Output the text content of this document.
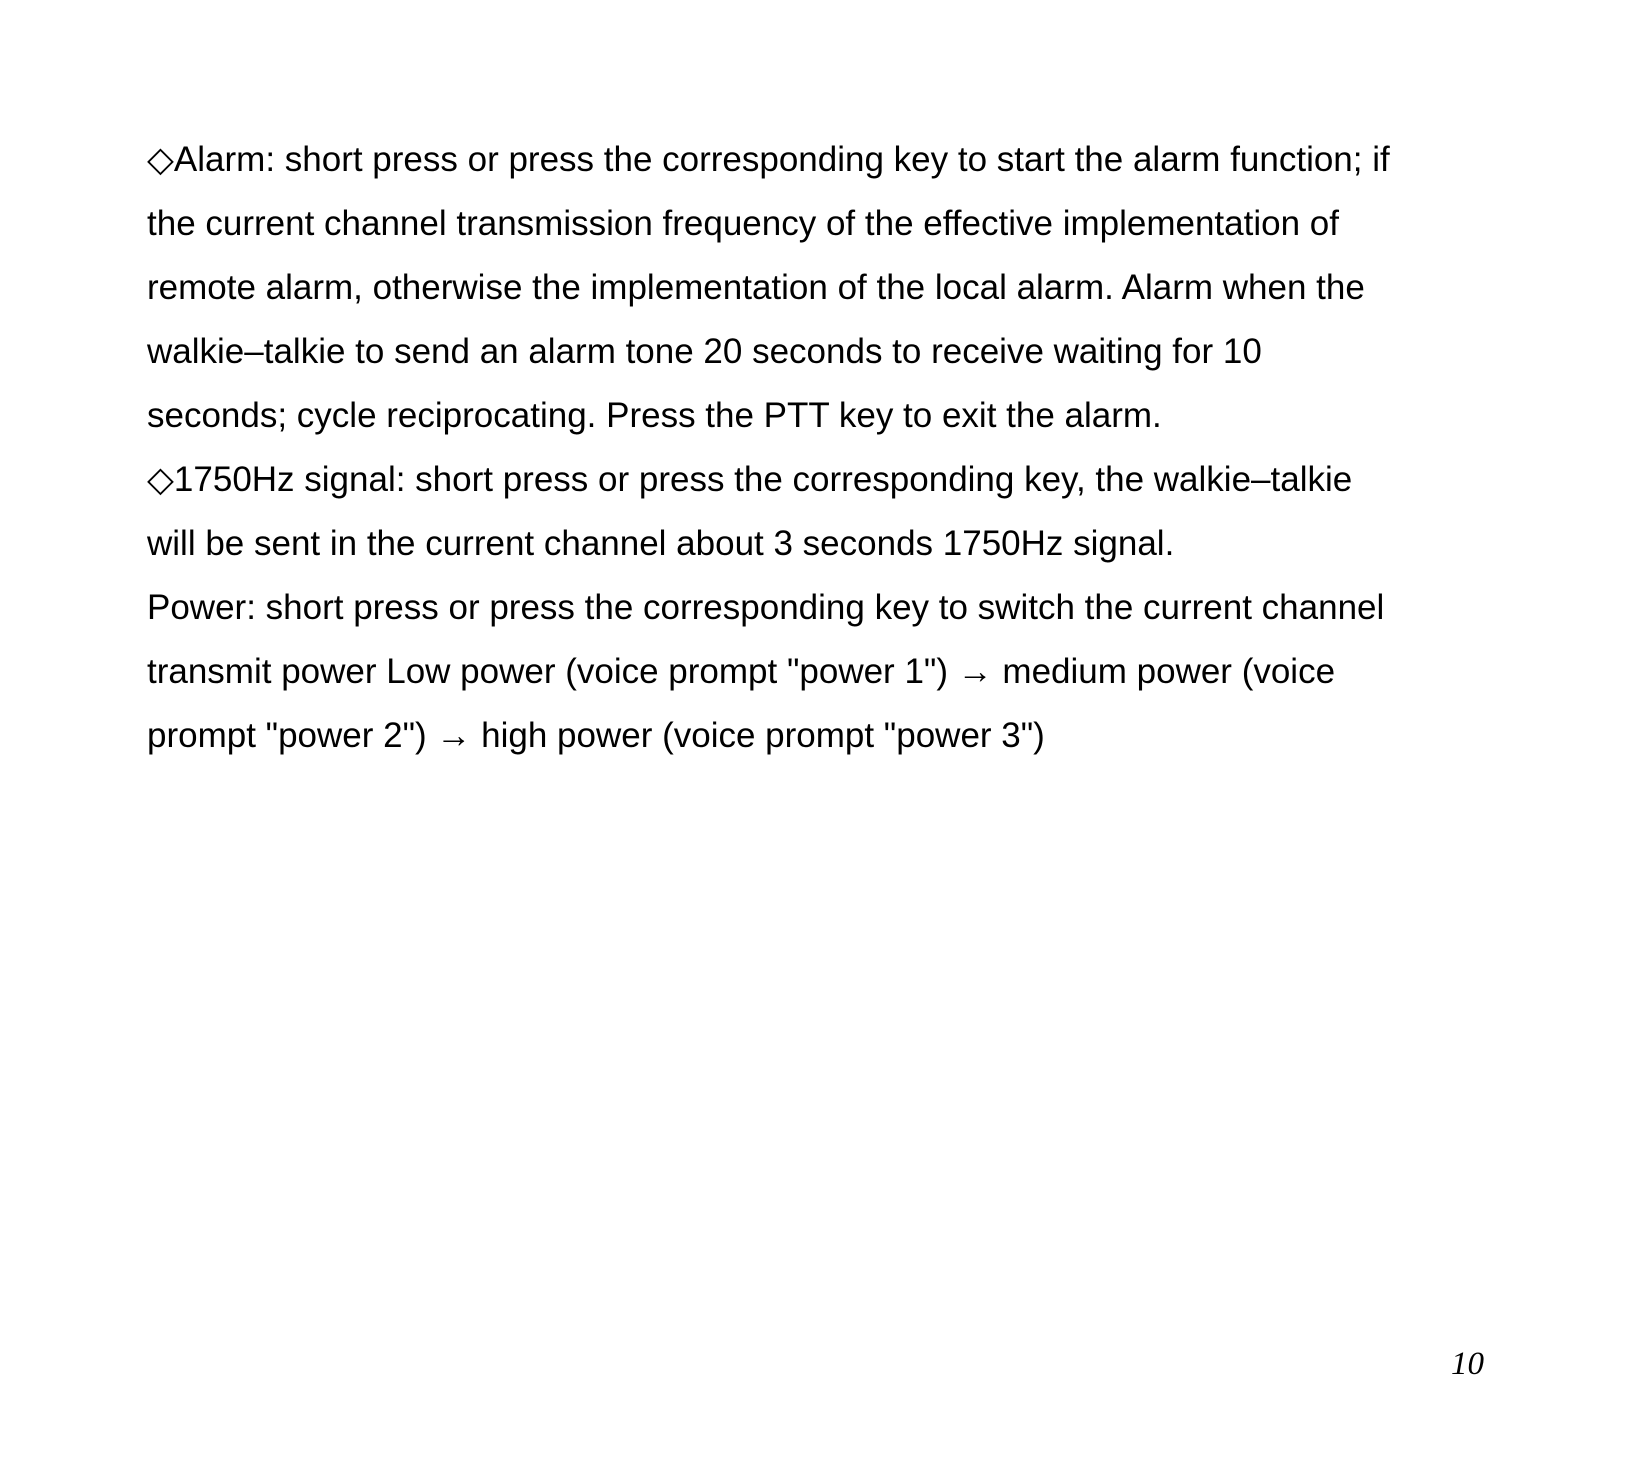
◇Alarm: short press or press the corresponding key to start the alarm function; if
the current channel transmission frequency of the effective implementation of
remote alarm, otherwise the implementation of the local alarm. Alarm when the
walkie–talkie to send an alarm tone 20 seconds to receive waiting for 10
seconds; cycle reciprocating. Press the PTT key to exit the alarm.
◇1750Hz signal: short press or press the corresponding key, the walkie–talkie
will be sent in the current channel about 3 seconds 1750Hz signal.
Power: short press or press the corresponding key to switch the current channel
transmit power Low power (voice prompt "power 1") → medium power (voice
prompt "power 2") → high power (voice prompt "power 3")
10
